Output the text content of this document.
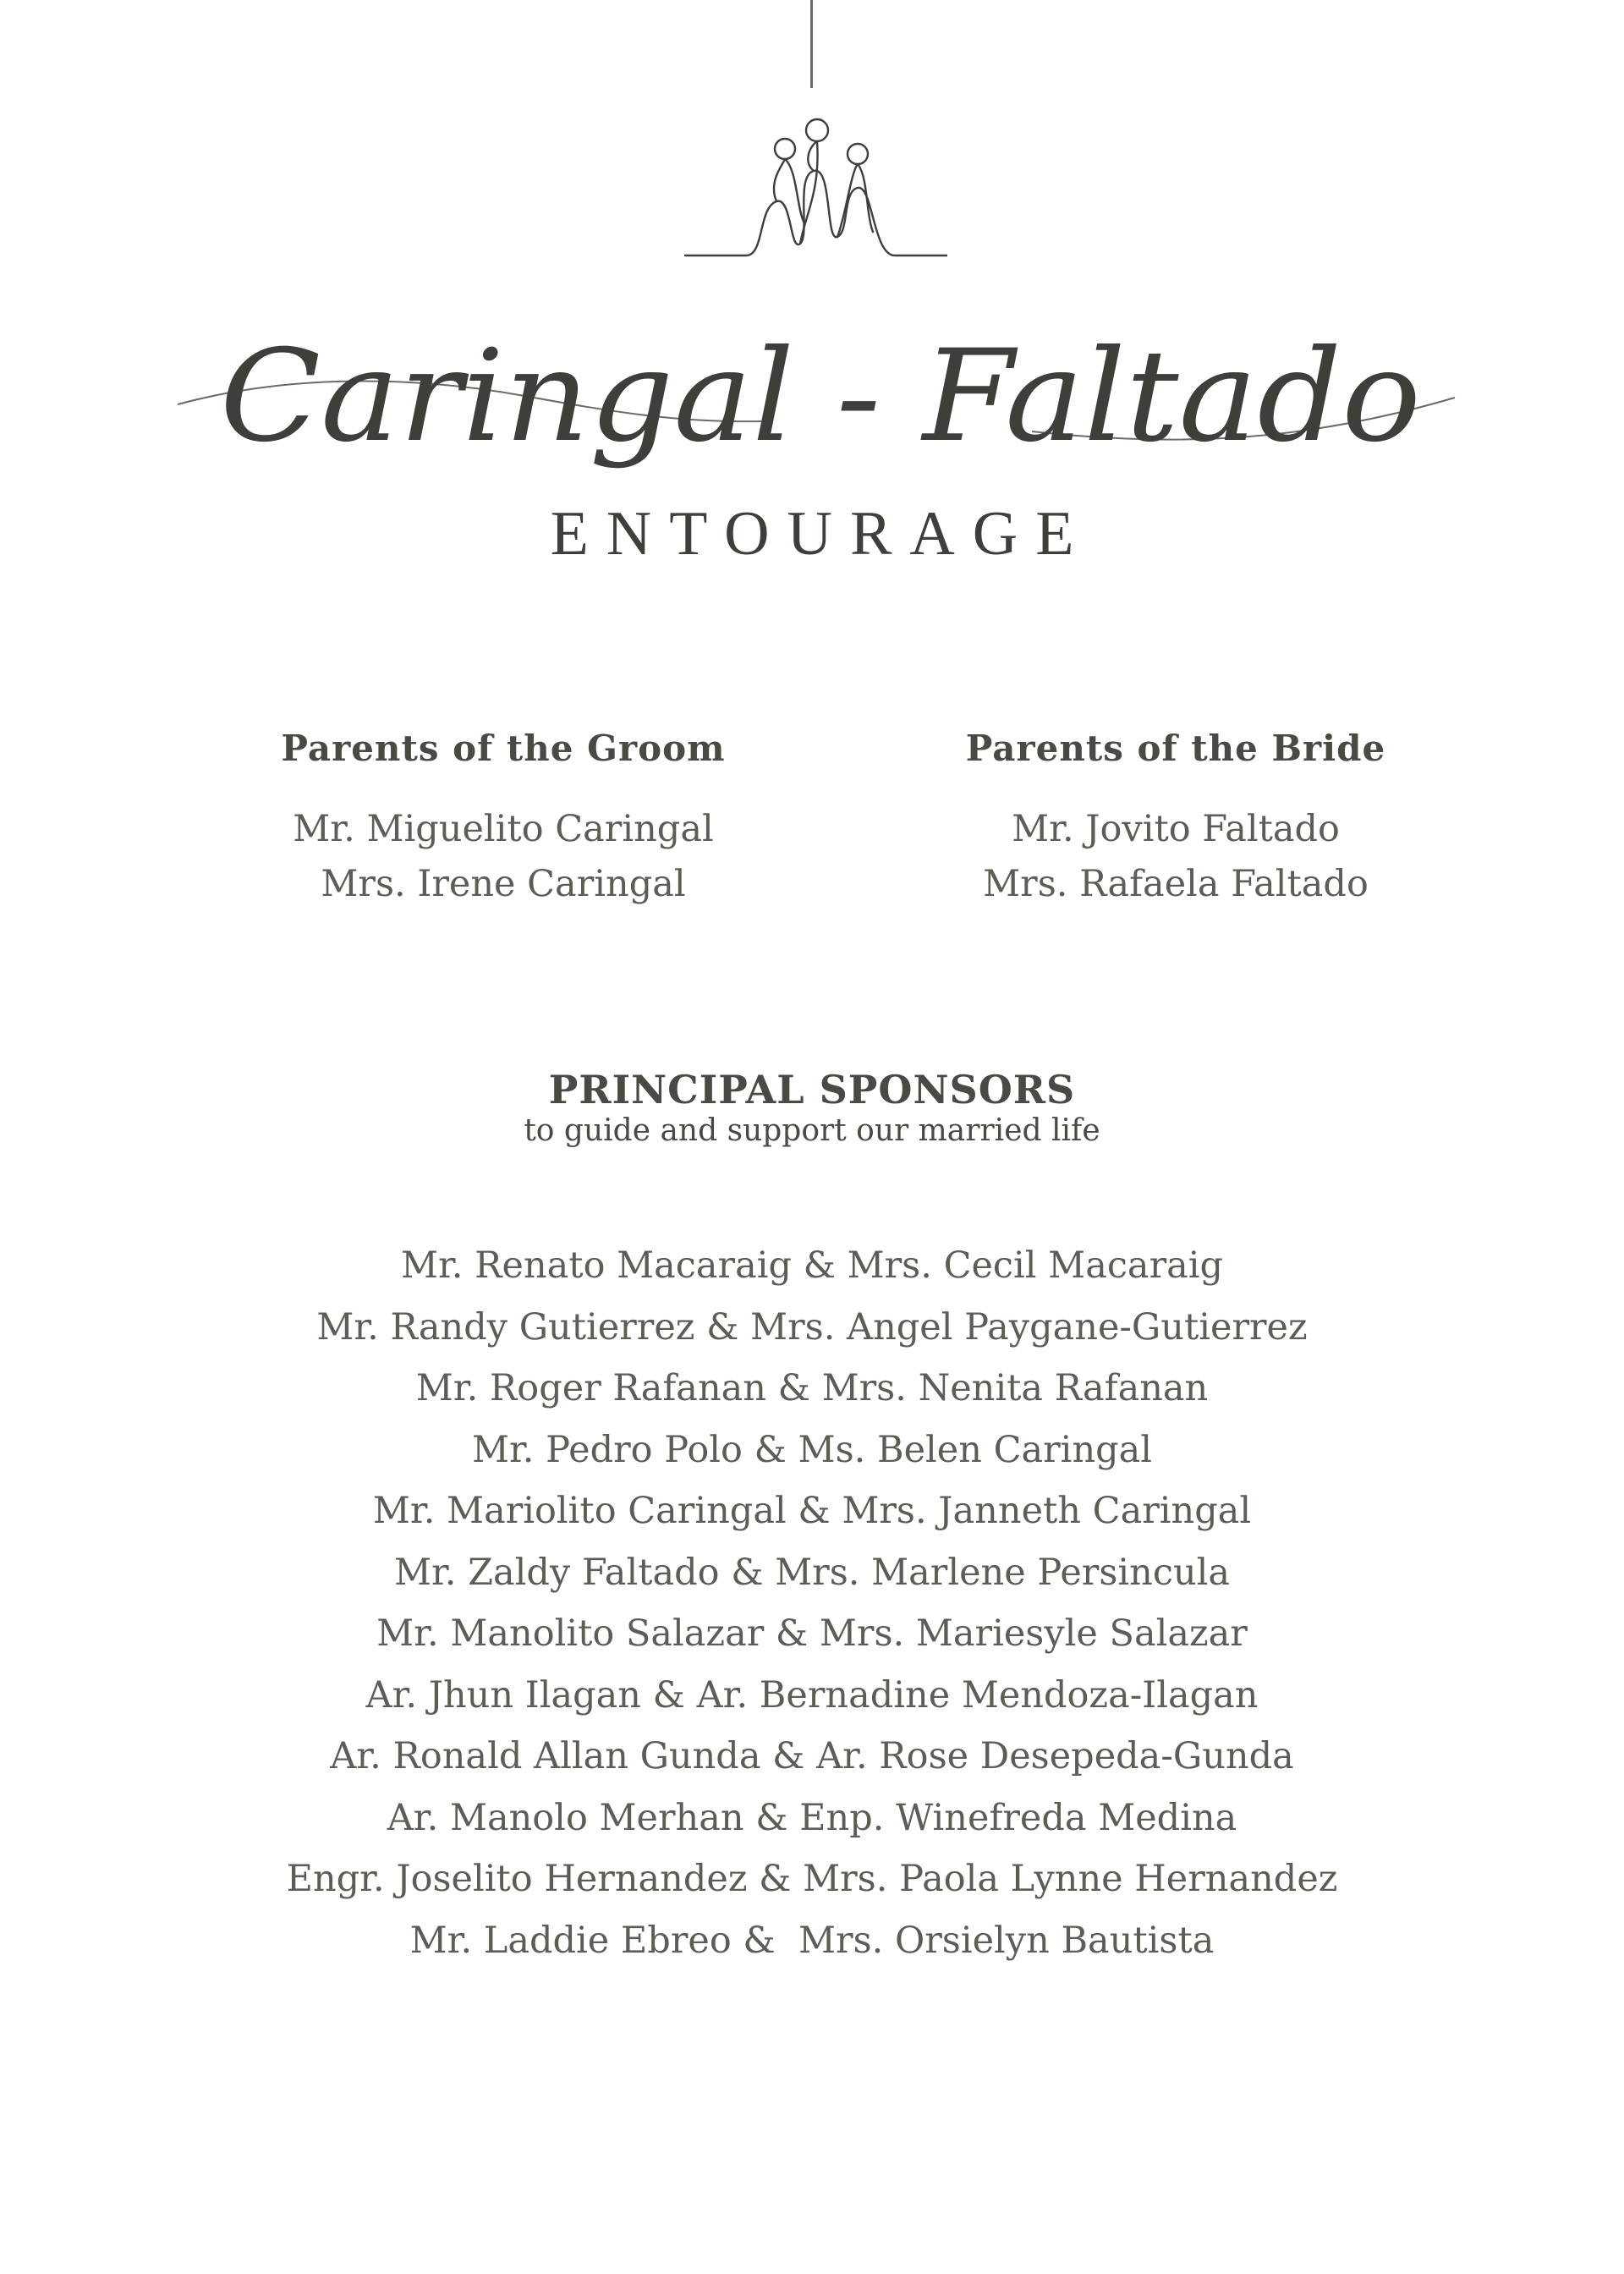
Caringal - Faltado
ENTOURAGE
Parents of the Groom
Mr. Miguelito Caringal
Mrs. Irene Caringal
Parents of the Bride
Mr. Jovito Faltado
Mrs. Rafaela Faltado
PRINCIPAL SPONSORS

to guide and support our married life

Mr. Renato Macaraig & Mrs. Cecil Macaraig
Mr. Randy Gutierrez & Mrs. Angel Paygane-Gutierrez
Mr. Roger Rafanan & Mrs. Nenita Rafanan
Mr. Pedro Polo & Ms. Belen Caringal
Mr. Mariolito Caringal & Mrs. Janneth Caringal
Mr. Zaldy Faltado & Mrs. Marlene Persincula
Mr. Manolito Salazar & Mrs. Mariesyle Salazar
Ar. Jhun Ilagan & Ar. Bernadine Mendoza-Ilagan
Ar. Ronald Allan Gunda & Ar. Rose Desepeda-Gunda
Ar. Manolo Merhan & Enp. Winefreda Medina
Engr. Joselito Hernandez & Mrs. Paola Lynne Hernandez
Mr. Laddie Ebreo &  Mrs. Orsielyn Bautista
